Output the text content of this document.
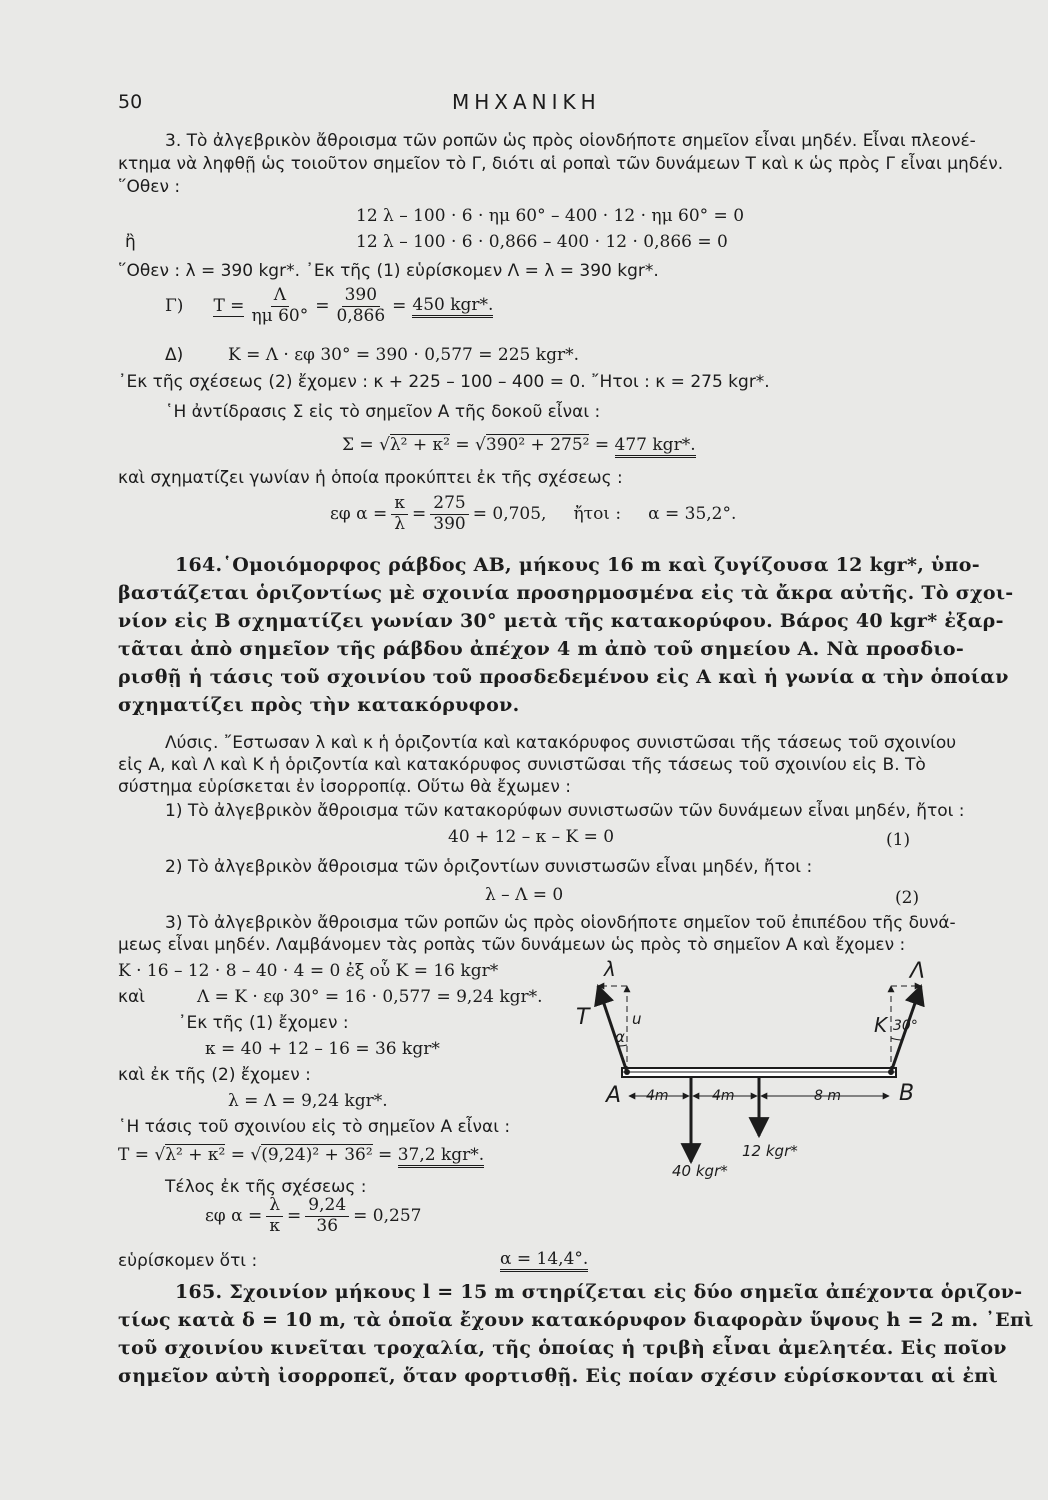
50	ΜΗΧΑΝΙΚΗ
3. Τὸ ἀλγεβρικὸν ἄθροισμα τῶν ροπῶν ὡς πρὸς οἱονδήποτε σημεῖον εἶναι μηδέν. Εἶναι πλεονέ-
κτημα νὰ ληφθῇ ὡς τοιοῦτον σημεῖον τὸ Γ, διότι αἱ ροπαὶ τῶν δυνάμεων Τ καὶ κ ὡς πρὸς Γ εἶναι μηδέν.
῞Οθεν :
12 λ – 100 · 6 · ημ 60° – 400 · 12 · ημ 60° = 0
ἢ	12 λ – 100 · 6 · 0,866 – 400 · 12 · 0,866 = 0
῞Οθεν : λ = 390 kgr*. ᾿Εκ τῆς (1) εὑρίσκομεν Λ = λ = 390 kgr*.
Γ) $T = \frac{\Lambda}{\eta\mu 60^\circ} = \frac{390}{0,866} = 450$ kgr*.
Δ)	K = Λ · εφ 30° = 390 · 0,577 = 225 kgr*.
᾿Εκ τῆς σχέσεως (2) ἔχομεν : κ + 225 – 100 – 400 = 0. ῎Ητοι : κ = 275 kgr*.
῾Η ἀντίδρασις Σ εἰς τὸ σημεῖον Α τῆς δοκοῦ εἶναι :
Σ = √λ² + κ² = √390² + 275² = 477 kgr*.
καὶ σχηματίζει γωνίαν ἡ ὁποία προκύπτει ἐκ τῆς σχέσεως :
εφ $\alpha = \frac{\kappa}{\lambda} = \frac{275}{390} = 0,705$,     ἤτοι :     α = 35,2°.
164.῾Ομοιόμορφος ράβδος ΑΒ, μήκους 16 m καὶ ζυγίζουσα 12 kgr*, ὑπο-
βαστάζεται ὁριζοντίως μὲ σχοινία προσηρμοσμένα εἰς τὰ ἄκρα αὐτῆς. Τὸ σχοι-
νίον εἰς Β σχηματίζει γωνίαν 30° μετὰ τῆς κατακορύφου. Βάρος 40 kgr* ἐξαρ-
τᾶται ἀπὸ σημεῖον τῆς ράβδου ἀπέχον 4 m ἀπὸ τοῦ σημείου Α. Νὰ προσδιο-
ρισθῇ ἡ τάσις τοῦ σχοινίου τοῦ προσδεδεμένου εἰς Α καὶ ἡ γωνία α τὴν ὁποίαν
σχηματίζει πρὸς τὴν κατακόρυφον.
Λύσις. ῎Εστωσαν λ καὶ κ ἡ ὁριζοντία καὶ κατακόρυφος συνιστῶσαι τῆς τάσεως τοῦ σχοινίου
εἰς Α, καὶ Λ καὶ Κ ἡ ὁριζοντία καὶ κατακόρυφος συνιστῶσαι τῆς τάσεως τοῦ σχοινίου εἰς Β. Τὸ
σύστημα εὑρίσκεται ἐν ἰσορροπίᾳ. Οὕτω θὰ ἔχωμεν :
1) Τὸ ἀλγεβρικὸν ἄθροισμα τῶν κατακορύφων συνιστωσῶν τῶν δυνάμεων εἶναι μηδέν, ἤτοι :
40 + 12 – κ – K = 0	(1)
2) Τὸ ἀλγεβρικὸν ἄθροισμα τῶν ὁριζοντίων συνιστωσῶν εἶναι μηδέν, ἤτοι :
λ – Λ = 0	(2)
3) Τὸ ἀλγεβρικὸν ἄθροισμα τῶν ροπῶν ὡς πρὸς οἱονδήποτε σημεῖον τοῦ ἐπιπέδου τῆς δυνά-
μεως εἶναι μηδέν. Λαμβάνομεν τὰς ροπὰς τῶν δυνάμεων ὡς πρὸς τὸ σημεῖον Α καὶ ἔχομεν :
K · 16 – 12 · 8 – 40 · 4 = 0 ἐξ οὗ K = 16 kgr*
καὶ	Λ = K · εφ 30° = 16 · 0,577 = 9,24 kgr*.
᾿Εκ τῆς (1) ἔχομεν :
κ = 40 + 12 – 16 = 36 kgr*
καὶ ἐκ τῆς (2) ἔχομεν :
λ = Λ = 9,24 kgr*.
῾Η τάσις τοῦ σχοινίου εἰς τὸ σημεῖον Α εἶναι :
T = √λ² + κ² = √(9,24)² + 36² = 37,2 kgr*.
Τέλος ἐκ τῆς σχέσεως :
εφ $\alpha = \frac{\lambda}{\kappa} = \frac{9,24}{36} = 0,257$
εὑρίσκομεν ὅτι :	α = 14,4°.
λ	Λ
T	K
α
u	30°
A	B
4m	4m	8 m
40 kgr*
12 kgr*
165. Σχοινίον μήκους l = 15 m στηρίζεται εἰς δύο σημεῖα ἀπέχοντα ὁριζον-
τίως κατὰ δ = 10 m, τὰ ὁποῖα ἔχουν κατακόρυφον διαφορὰν ὕψους h = 2 m. ᾿Επὶ
τοῦ σχοινίου κινεῖται τροχαλία, τῆς ὁποίας ἡ τριβὴ εἶναι ἀμελητέα. Εἰς ποῖον
σημεῖον αὐτὴ ἰσορροπεῖ, ὅταν φορτισθῇ. Εἰς ποίαν σχέσιν εὑρίσκονται αἱ ἐπὶ
